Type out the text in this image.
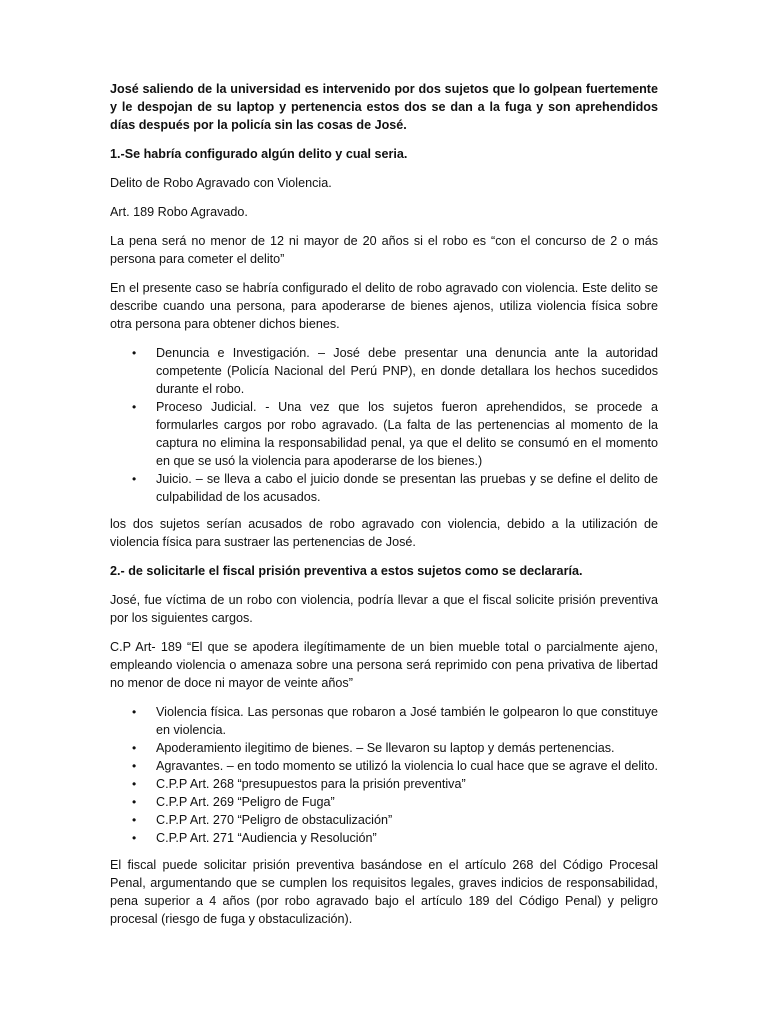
José saliendo de la universidad es intervenido por dos sujetos que lo golpean fuertemente y le despojan de su laptop y pertenencia estos dos se dan a la fuga y son aprehendidos días después por la policía sin las cosas de José.

1.-Se habría configurado algún delito y cual seria.

Delito de Robo Agravado con Violencia.

Art. 189 Robo Agravado.

La pena será no menor de 12 ni mayor de 20 años si el robo es “con el concurso de 2 o más persona para cometer el delito”

En el presente caso se habría configurado el delito de robo agravado con violencia. Este delito se describe cuando una persona, para apoderarse de bienes ajenos, utiliza violencia física sobre otra persona para obtener dichos bienes.

• Denuncia e Investigación. – José debe presentar una denuncia ante la autoridad competente (Policía Nacional del Perú PNP), en donde detallara los hechos sucedidos durante el robo.
• Proceso Judicial. - Una vez que los sujetos fueron aprehendidos, se procede a formularles cargos por robo agravado. (La falta de las pertenencias al momento de la captura no elimina la responsabilidad penal, ya que el delito se consumó en el momento en que se usó la violencia para apoderarse de los bienes.)
• Juicio. – se lleva a cabo el juicio donde se presentan las pruebas y se define el delito de culpabilidad de los acusados.

los dos sujetos serían acusados de robo agravado con violencia, debido a la utilización de violencia física para sustraer las pertenencias de José.

2.- de solicitarle el fiscal prisión preventiva a estos sujetos como se declararía.

José, fue víctima de un robo con violencia, podría llevar a que el fiscal solicite prisión preventiva por los siguientes cargos.

C.P Art- 189 “El que se apodera ilegítimamente de un bien mueble total o parcialmente ajeno, empleando violencia o amenaza sobre una persona será reprimido con pena privativa de libertad no menor de doce ni mayor de veinte años”

• Violencia física. Las personas que robaron a José también le golpearon lo que constituye en violencia.
• Apoderamiento ilegitimo de bienes. – Se llevaron su laptop y demás pertenencias.
• Agravantes. – en todo momento se utilizó la violencia lo cual hace que se agrave el delito.
• C.P.P Art. 268 “presupuestos para la prisión preventiva”
• C.P.P Art. 269 “Peligro de Fuga”
• C.P.P Art. 270 “Peligro de obstaculización”
• C.P.P Art. 271 “Audiencia y Resolución”

El fiscal puede solicitar prisión preventiva basándose en el artículo 268 del Código Procesal Penal, argumentando que se cumplen los requisitos legales, graves indicios de responsabilidad, pena superior a 4 años (por robo agravado bajo el artículo 189 del Código Penal) y peligro procesal (riesgo de fuga y obstaculización).
